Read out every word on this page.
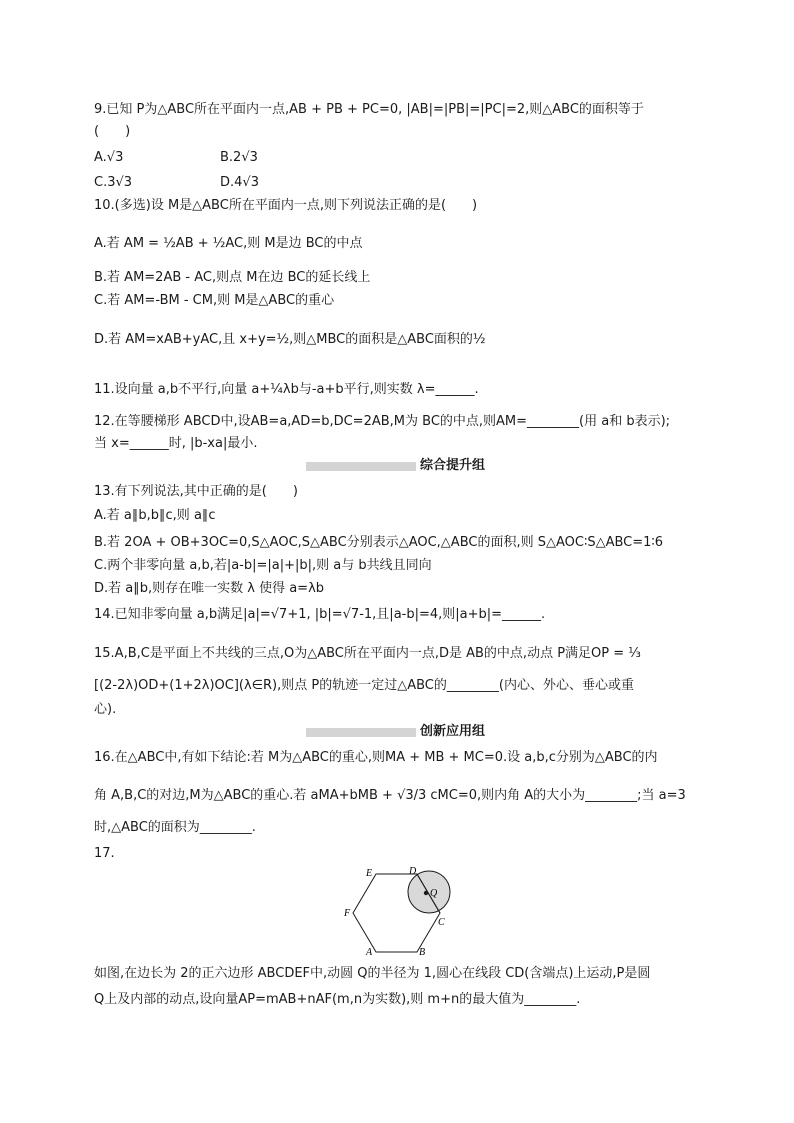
9.已知 P为△ABC所在平面内一点,AB + PB + PC=0, |AB|=|PB|=|PC|=2,则△ABC的面积等于
(　　)
A.√3	B.2√3
C.3√3	D.4√3
10.(多选)设 M是△ABC所在平面内一点,则下列说法正确的是(　　)
A.若 AM = ½AB + ½AC,则 M是边 BC的中点
B.若 AM=2AB - AC,则点 M在边 BC的延长线上
C.若 AM=-BM - CM,则 M是△ABC的重心
D.若 AM=xAB+yAC,且 x+y=½,则△MBC的面积是△ABC面积的½
11.设向量 a,b不平行,向量 a+¼λb与-a+b平行,则实数 λ=______.
12.在等腰梯形 ABCD中,设AB=a,AD=b,DC=2AB,M为 BC的中点,则AM=________(用 a和 b表示);
当 x=______时, |b-xa|最小.
综合提升组
13.有下列说法,其中正确的是(　　)
A.若 a∥b,b∥c,则 a∥c
B.若 2OA + OB+3OC=0,S△AOC,S△ABC分别表示△AOC,△ABC的面积,则 S△AOC∶S△ABC=1∶6
C.两个非零向量 a,b,若|a-b|=|a|+|b|,则 a与 b共线且同向
D.若 a∥b,则存在唯一实数 λ 使得 a=λb
14.已知非零向量 a,b满足|a|=√7+1, |b|=√7-1,且|a-b|=4,则|a+b|=______.
15.A,B,C是平面上不共线的三点,O为△ABC所在平面内一点,D是 AB的中点,动点 P满足OP = ⅓
[(2-2λ)OD+(1+2λ)OC](λ∈R),则点 P的轨迹一定过△ABC的________(内心、外心、垂心或重
心).
创新应用组
16.在△ABC中,有如下结论:若 M为△ABC的重心,则MA + MB + MC=0.设 a,b,c分别为△ABC的内
角 A,B,C的对边,M为△ABC的重心.若 aMA+bMB + √3/3 cMC=0,则内角 A的大小为________;当 a=3
时,△ABC的面积为________.
17.
E	D
Q
F
C
A	B
如图,在边长为 2的正六边形 ABCDEF中,动圆 Q的半径为 1,圆心在线段 CD(含端点)上运动,P是圆
Q上及内部的动点,设向量AP=mAB+nAF(m,n为实数),则 m+n的最大值为________.
